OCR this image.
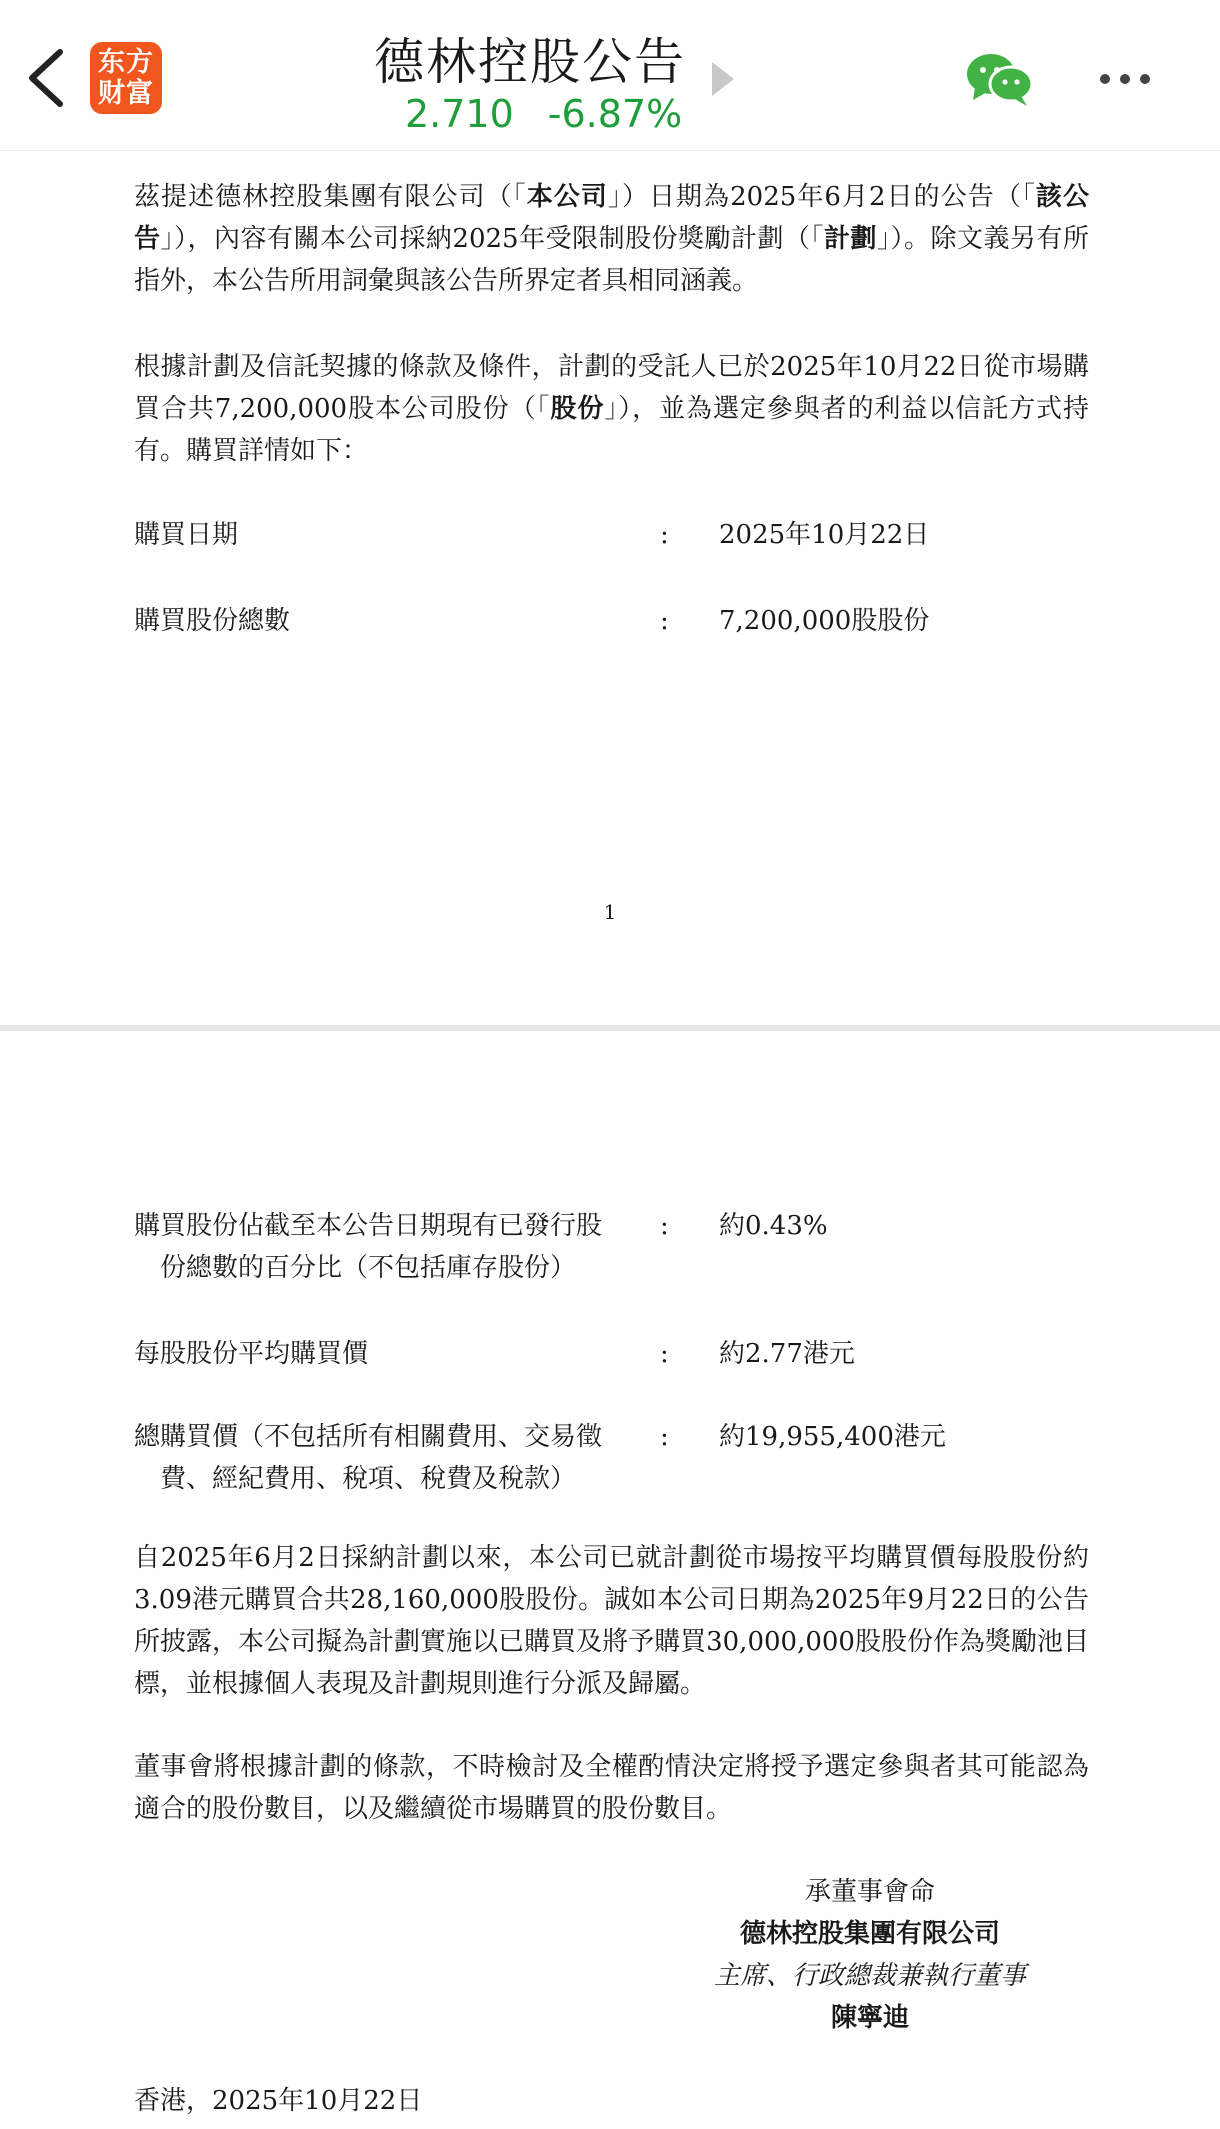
东方
财富
德林控股公告
2.710 -6.87%
茲提述德林控股集團有限公司（「本公司」）日期為2025年6月2日的公告（「該公告」），內容有關本公司採納2025年受限制股份獎勵計劃（「計劃」）。除文義另有所指外，本公告所用詞彙與該公告所界定者具相同涵義。
根據計劃及信託契據的條款及條件，計劃的受託人已於2025年10月22日從市場購買合共7,200,000股本公司股份（「股份」），並為選定參與者的利益以信託方式持有。購買詳情如下：
購買日期	: 2025年10月22日
購買股份總數	: 7,200,000股股份
1
購買股份佔截至本公告日期現有已發行股
份總數的百分比（不包括庫存股份）
: 約0.43%
每股股份平均購買價	: 約2.77港元
總購買價（不包括所有相關費用、交易徵
費、經紀費用、稅項、稅費及稅款）
: 約19,955,400港元
自2025年6月2日採納計劃以來，本公司已就計劃從市場按平均購買價每股股份約3.09港元購買合共28,160,000股股份。誠如本公司日期為2025年9月22日的公告所披露，本公司擬為計劃實施以已購買及將予購買30,000,000股股份作為獎勵池目標，並根據個人表現及計劃規則進行分派及歸屬。
董事會將根據計劃的條款，不時檢討及全權酌情決定將授予選定參與者其可能認為適合的股份數目，以及繼續從市場購買的股份數目。
承董事會命
德林控股集團有限公司
主席、行政總裁兼執行董事
陳寧迪
香港，2025年10月22日
